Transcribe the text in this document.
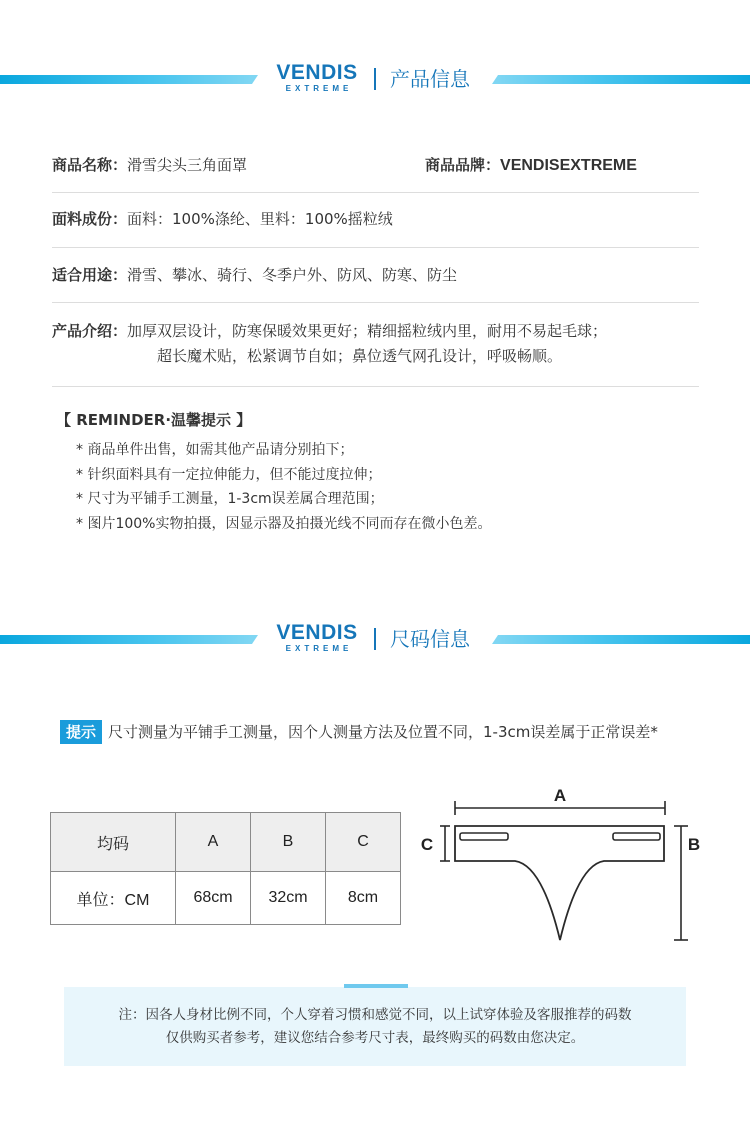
VENDIS
EXTREME	产品信息
商品名称：滑雪尖头三角面罩	商品品牌：VENDISEXTREME
面料成份：面料：100%涤纶、里料：100%摇粒绒
适合用途：滑雪、攀冰、骑行、冬季户外、防风、防寒、防尘
产品介绍：加厚双层设计，防寒保暖效果更好；精细摇粒绒内里，耐用不易起毛球；
超长魔术贴，松紧调节自如；鼻位透气网孔设计，呼吸畅顺。
【 REMINDER·温馨提示 】
* 商品单件出售，如需其他产品请分别拍下；
* 针织面料具有一定拉伸能力，但不能过度拉伸；
* 尺寸为平铺手工测量，1-3cm误差属合理范围；
* 图片100%实物拍摄，因显示器及拍摄光线不同而存在微小色差。
VENDIS
EXTREME	尺码信息
提示 尺寸测量为平铺手工测量，因个人测量方法及位置不同，1-3cm误差属于正常误差*
均码	A	B	C
单位：CM	68cm	32cm	8cm
A
C	B

注：因各人身材比例不同，个人穿着习惯和感觉不同，以上试穿体验及客服推荐的码数

仅供购买者参考，建议您结合参考尺寸表，最终购买的码数由您决定。
